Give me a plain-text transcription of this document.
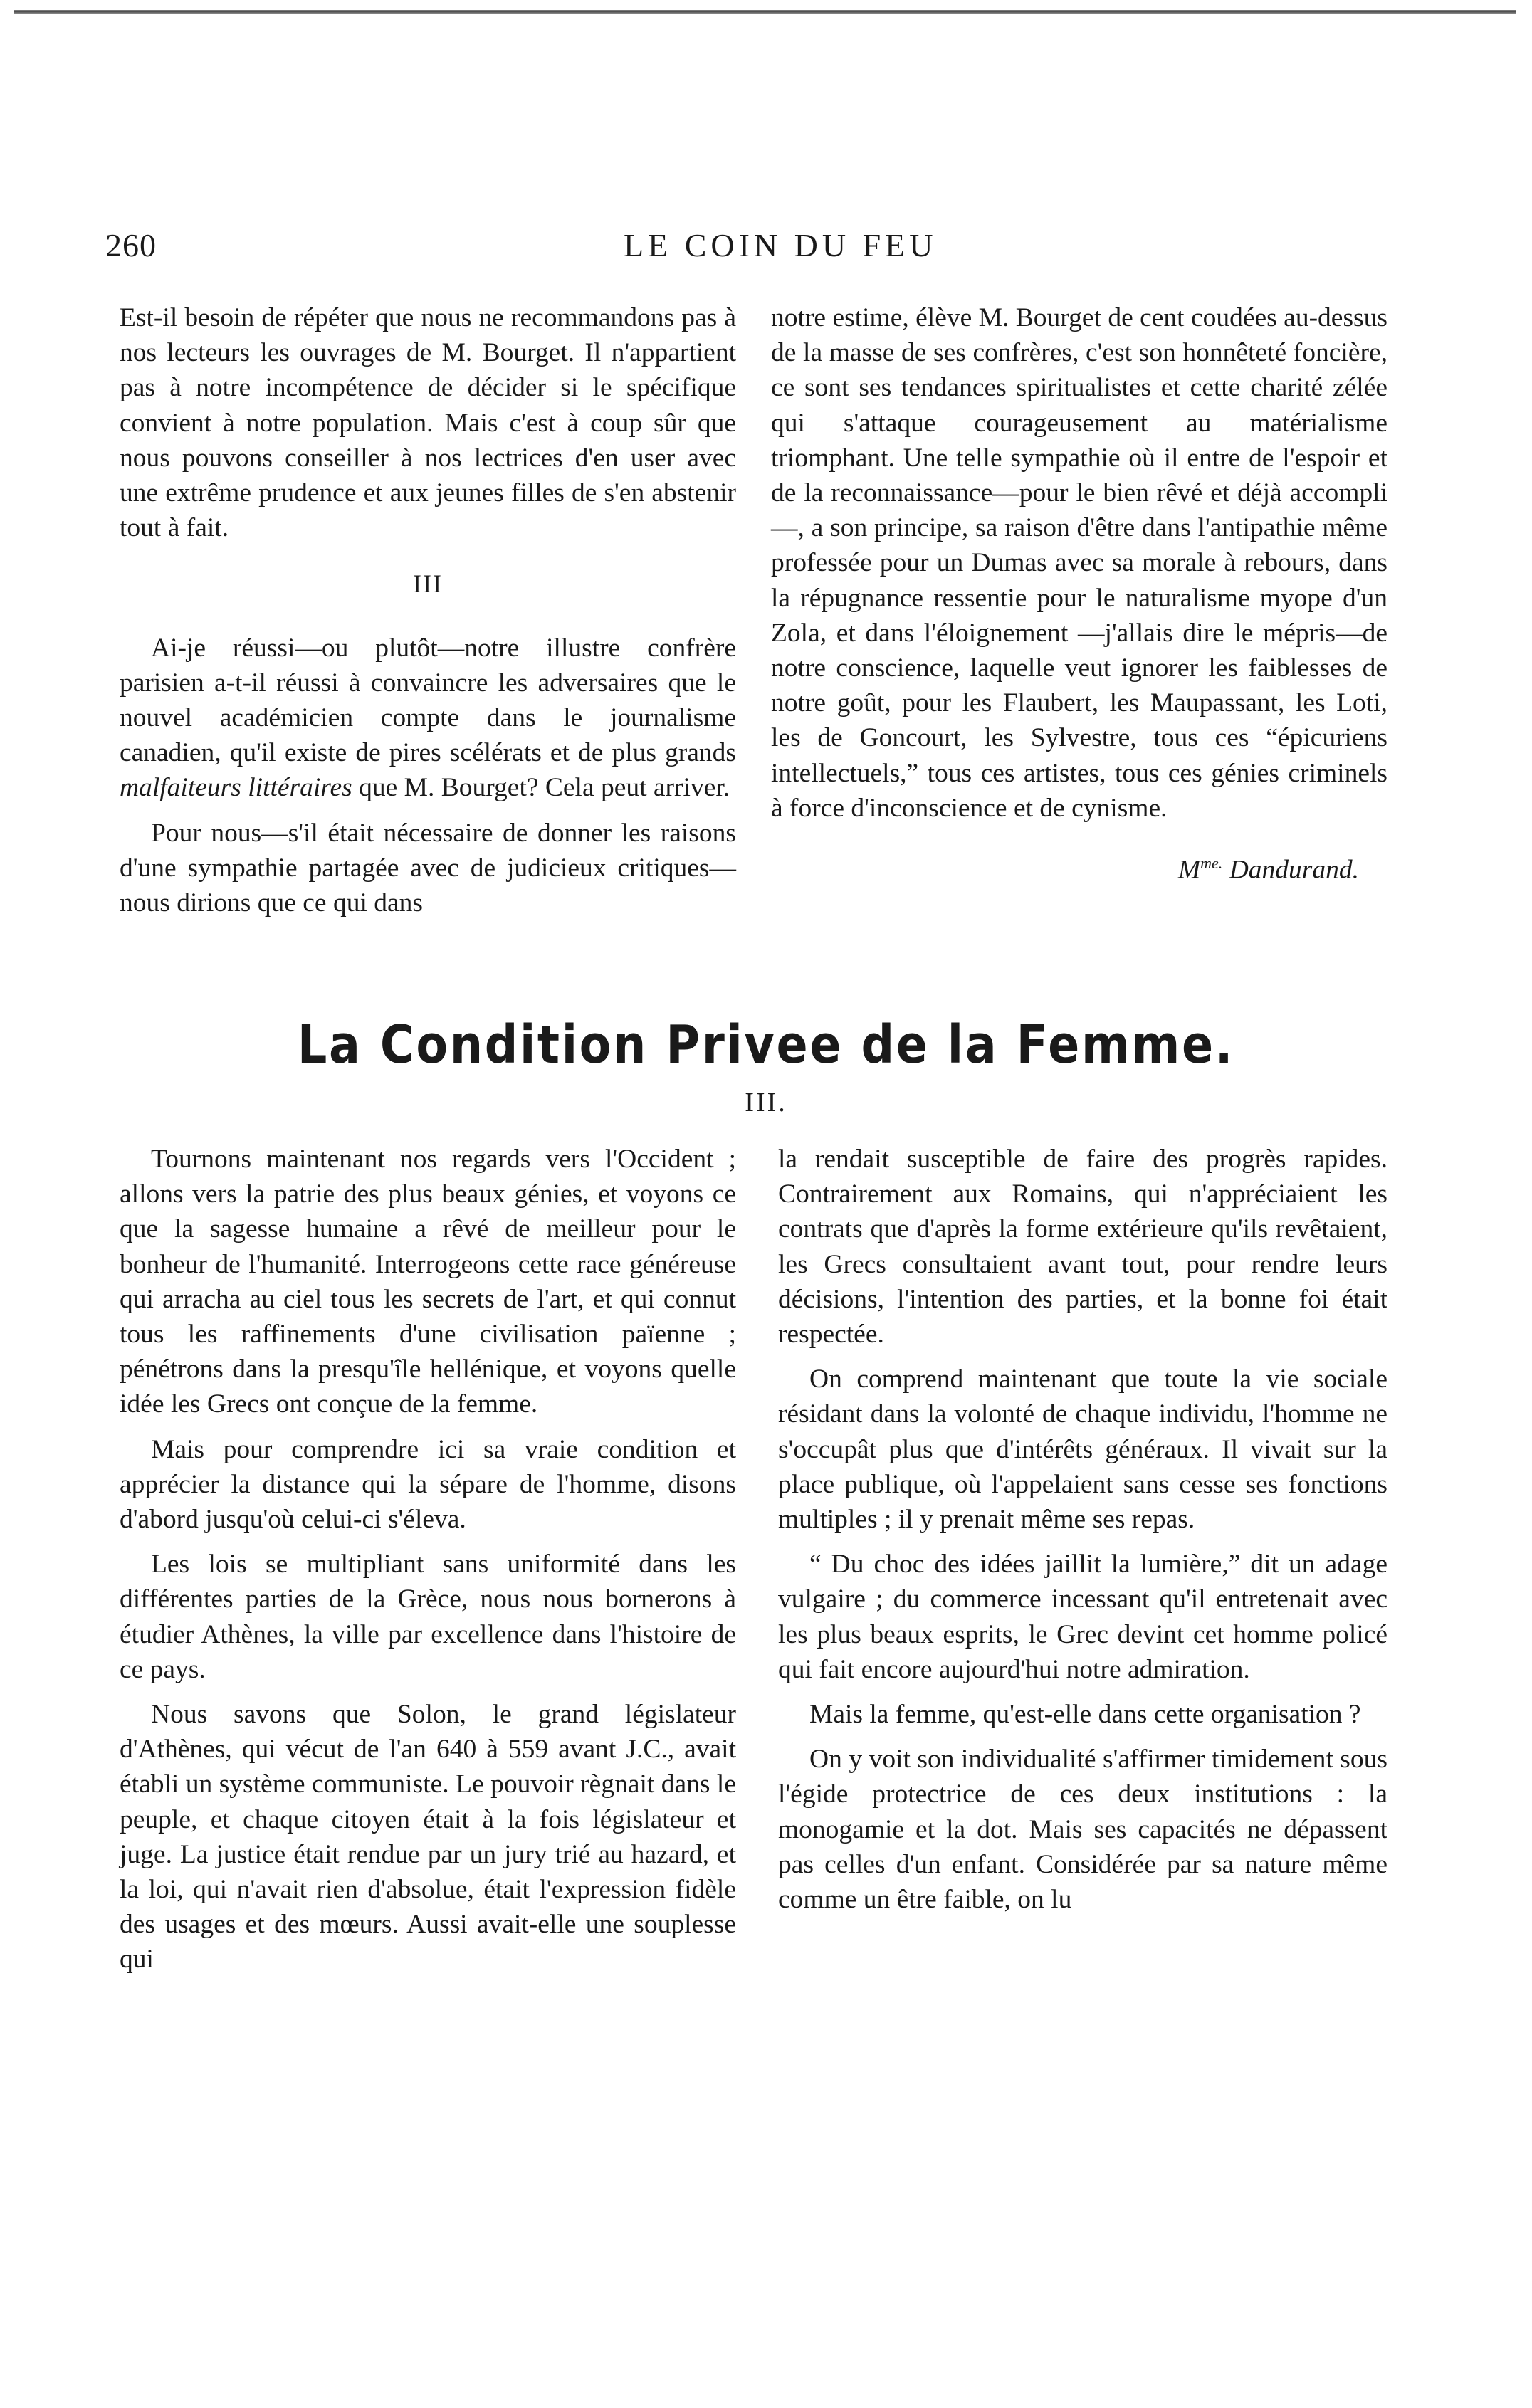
260	LE COIN DU FEU

Est-il besoin de répéter que nous ne recommandons pas à nos lecteurs les ouvrages de M. Bourget. Il n'appartient pas à notre incompétence de décider si le spécifique convient à notre population. Mais c'est à coup sûr que nous pouvons conseiller à nos lectrices d'en user avec une extrême prudence et aux jeunes filles de s'en abstenir tout à fait.

III

Ai-je réussi—ou plutôt—notre illustre confrère parisien a-t-il réussi à convaincre les adversaires que le nouvel académicien compte dans le journalisme canadien, qu'il existe de pires scélérats et de plus grands malfaiteurs littéraires que M. Bourget? Cela peut arriver.

Pour nous—s'il était nécessaire de donner les raisons d'une sympathie partagée avec de judicieux critiques—nous dirions que ce qui dans

notre estime, élève M. Bourget de cent coudées au-dessus de la masse de ses confrères, c'est son honnêteté foncière, ce sont ses tendances spiritualistes et cette charité zélée qui s'attaque courageusement au matérialisme triomphant. Une telle sympathie où il entre de l'espoir et de la reconnaissance—pour le bien rêvé et déjà accompli—, a son principe, sa raison d'être dans l'antipathie même professée pour un Dumas avec sa morale à rebours, dans la répugnance ressentie pour le naturalisme myope d'un Zola, et dans l'éloignement —j'allais dire le mépris—de notre conscience, laquelle veut ignorer les faiblesses de notre goût, pour les Flaubert, les Maupassant, les Loti, les de Goncourt, les Sylvestre, tous ces “épicuriens intellectuels,” tous ces artistes, tous ces génies criminels à force d'inconscience et de cynisme.

$M^{me.}$ Dandurand.

La Condition Privee de la Femme.
III.

Tournons maintenant nos regards vers l'Occident ; allons vers la patrie des plus beaux génies, et voyons ce que la sagesse humaine a rêvé de meilleur pour le bonheur de l'humanité. Interrogeons cette race généreuse qui arracha au ciel tous les secrets de l'art, et qui connut tous les raffinements d'une civilisation païenne ; pénétrons dans la presqu'île hellénique, et voyons quelle idée les Grecs ont conçue de la femme.

Mais pour comprendre ici sa vraie condition et apprécier la distance qui la sépare de l'homme, disons d'abord jusqu'où celui-ci s'éleva.

Les lois se multipliant sans uniformité dans les différentes parties de la Grèce, nous nous bornerons à étudier Athènes, la ville par excellence dans l'histoire de ce pays.

Nous savons que Solon, le grand législateur d'Athènes, qui vécut de l'an 640 à 559 avant J.C., avait établi un système communiste. Le pouvoir règnait dans le peuple, et chaque citoyen était à la fois législateur et juge. La justice était rendue par un jury trié au hazard, et la loi, qui n'avait rien d'absolue, était l'expression fidèle des usages et des mœurs. Aussi avait-elle une souplesse qui

la rendait susceptible de faire des progrès rapides. Contrairement aux Romains, qui n'appréciaient les contrats que d'après la forme extérieure qu'ils revêtaient, les Grecs consultaient avant tout, pour rendre leurs décisions, l'intention des parties, et la bonne foi était respectée.

On comprend maintenant que toute la vie sociale résidant dans la volonté de chaque individu, l'homme ne s'occupât plus que d'intérêts généraux. Il vivait sur la place publique, où l'appelaient sans cesse ses fonctions multiples ; il y prenait même ses repas.

“ Du choc des idées jaillit la lumière,” dit un adage vulgaire ; du commerce incessant qu'il entretenait avec les plus beaux esprits, le Grec devint cet homme policé qui fait encore aujourd'hui notre admiration.

Mais la femme, qu'est-elle dans cette organisation ?

On y voit son individualité s'affirmer timidement sous l'égide protectrice de ces deux institutions : la monogamie et la dot. Mais ses capacités ne dépassent pas celles d'un enfant. Considérée par sa nature même comme un être faible, on lu
